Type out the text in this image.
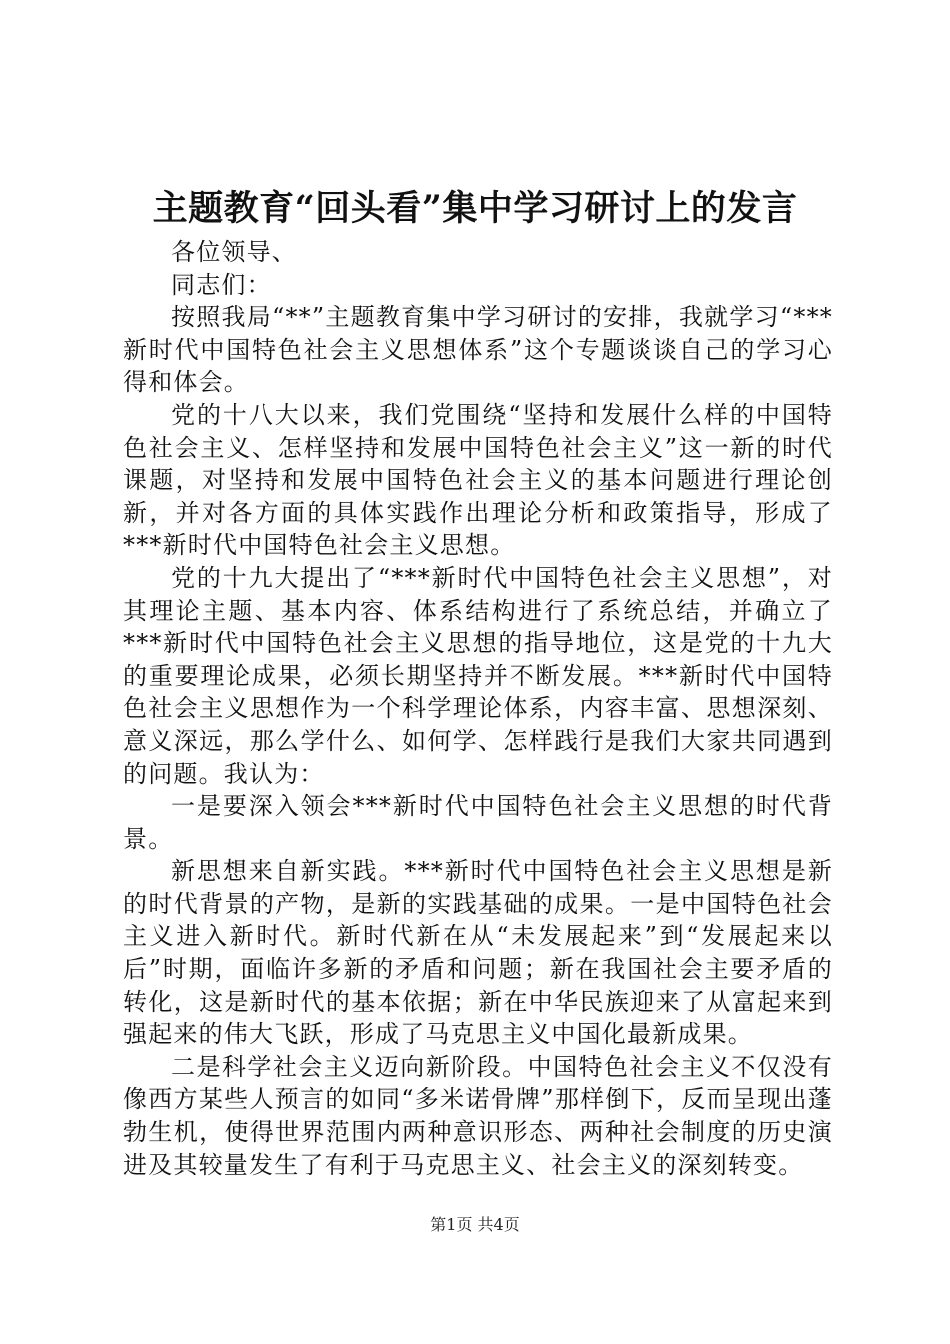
主题教育“回头看”集中学习研讨上的发言

各位领导、

同志们：

按照我局“**”主题教育集中学习研讨的安排，我就学习“***新时代中国特色社会主义思想体系”这个专题谈谈自己的学习心得和体会。

党的十八大以来，我们党围绕“坚持和发展什么样的中国特色社会主义、怎样坚持和发展中国特色社会主义”这一新的时代课题，对坚持和发展中国特色社会主义的基本问题进行理论创新，并对各方面的具体实践作出理论分析和政策指导，形成了***新时代中国特色社会主义思想。

党的十九大提出了“***新时代中国特色社会主义思想”，对其理论主题、基本内容、体系结构进行了系统总结，并确立了***新时代中国特色社会主义思想的指导地位，这是党的十九大的重要理论成果，必须长期坚持并不断发展。***新时代中国特色社会主义思想作为一个科学理论体系，内容丰富、思想深刻、意义深远，那么学什么、如何学、怎样践行是我们大家共同遇到的问题。我认为：

一是要深入领会***新时代中国特色社会主义思想的时代背景。

新思想来自新实践。***新时代中国特色社会主义思想是新的时代背景的产物，是新的实践基础的成果。一是中国特色社会主义进入新时代。新时代新在从“未发展起来”到“发展起来以后”时期，面临许多新的矛盾和问题；新在我国社会主要矛盾的转化，这是新时代的基本依据；新在中华民族迎来了从富起来到强起来的伟大飞跃，形成了马克思主义中国化最新成果。

二是科学社会主义迈向新阶段。中国特色社会主义不仅没有像西方某些人预言的如同“多米诺骨牌”那样倒下，反而呈现出蓬勃生机，使得世界范围内两种意识形态、两种社会制度的历史演进及其较量发生了有利于马克思主义、社会主义的深刻转变。

第1页 共4页
